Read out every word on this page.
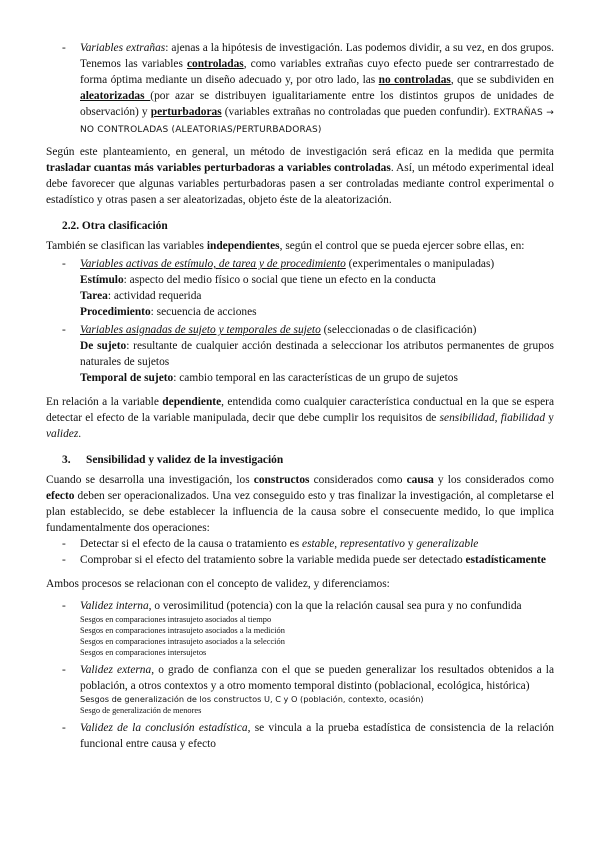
- Variables extrañas: ajenas a la hipótesis de investigación. Las podemos dividir, a su vez, en dos grupos. Tenemos las variables controladas, como variables extrañas cuyo efecto puede ser contrarrestado de forma óptima mediante un diseño adecuado y, por otro lado, las no controladas, que se subdividen en aleatorizadas (por azar se distribuyen igualitariamente entre los distintos grupos de unidades de observación) y perturbadoras (variables extrañas no controladas que pueden confundir). EXTRAÑAS → NO CONTROLADAS (ALEATORIAS/PERTURBADORAS)

Según este planteamiento, en general, un método de investigación será eficaz en la medida que permita trasladar cuantas más variables perturbadoras a variables controladas. Así, un método experimental ideal debe favorecer que algunas variables perturbadoras pasen a ser controladas mediante control experimental o estadístico y otras pasen a ser aleatorizadas, objeto éste de la aleatorización.

2.2. Otra clasificación

También se clasifican las variables independientes, según el control que se pueda ejercer sobre ellas, en:

- Variables activas de estímulo, de tarea y de procedimiento (experimentales o manipuladas)
Estímulo: aspecto del medio físico o social que tiene un efecto en la conducta
Tarea: actividad requerida
Procedimiento: secuencia de acciones
- Variables asignadas de sujeto y temporales de sujeto (seleccionadas o de clasificación)
De sujeto: resultante de cualquier acción destinada a seleccionar los atributos permanentes de grupos naturales de sujetos
Temporal de sujeto: cambio temporal en las características de un grupo de sujetos

En relación a la variable dependiente, entendida como cualquier característica conductual en la que se espera detectar el efecto de la variable manipulada, decir que debe cumplir los requisitos de sensibilidad, fiabilidad y validez.

3. Sensibilidad y validez de la investigación

Cuando se desarrolla una investigación, los constructos considerados como causa y los considerados como efecto deben ser operacionalizados. Una vez conseguido esto y tras finalizar la investigación, al completarse el plan establecido, se debe establecer la influencia de la causa sobre el consecuente medido, lo que implica fundamentalmente dos operaciones:

- Detectar si el efecto de la causa o tratamiento es estable, representativo y generalizable
- Comprobar si el efecto del tratamiento sobre la variable medida puede ser detectado estadísticamente

Ambos procesos se relacionan con el concepto de validez, y diferenciamos:

- Validez interna, o verosimilitud (potencia) con la que la relación causal sea pura y no confundida
Sesgos en comparaciones intrasujeto asociados al tiempo
Sesgos en comparaciones intrasujeto asociados a la medición
Sesgos en comparaciones intrasujeto asociados a la selección
Sesgos en comparaciones intersujetos
- Validez externa, o grado de confianza con el que se pueden generalizar los resultados obtenidos a la población, a otros contextos y a otro momento temporal distinto (poblacional, ecológica, histórica)
Sesgos de generalización de los constructos U, C y O (población, contexto, ocasión)
Sesgo de generalización de menores
- Validez de la conclusión estadística, se vincula a la prueba estadística de consistencia de la relación funcional entre causa y efecto
